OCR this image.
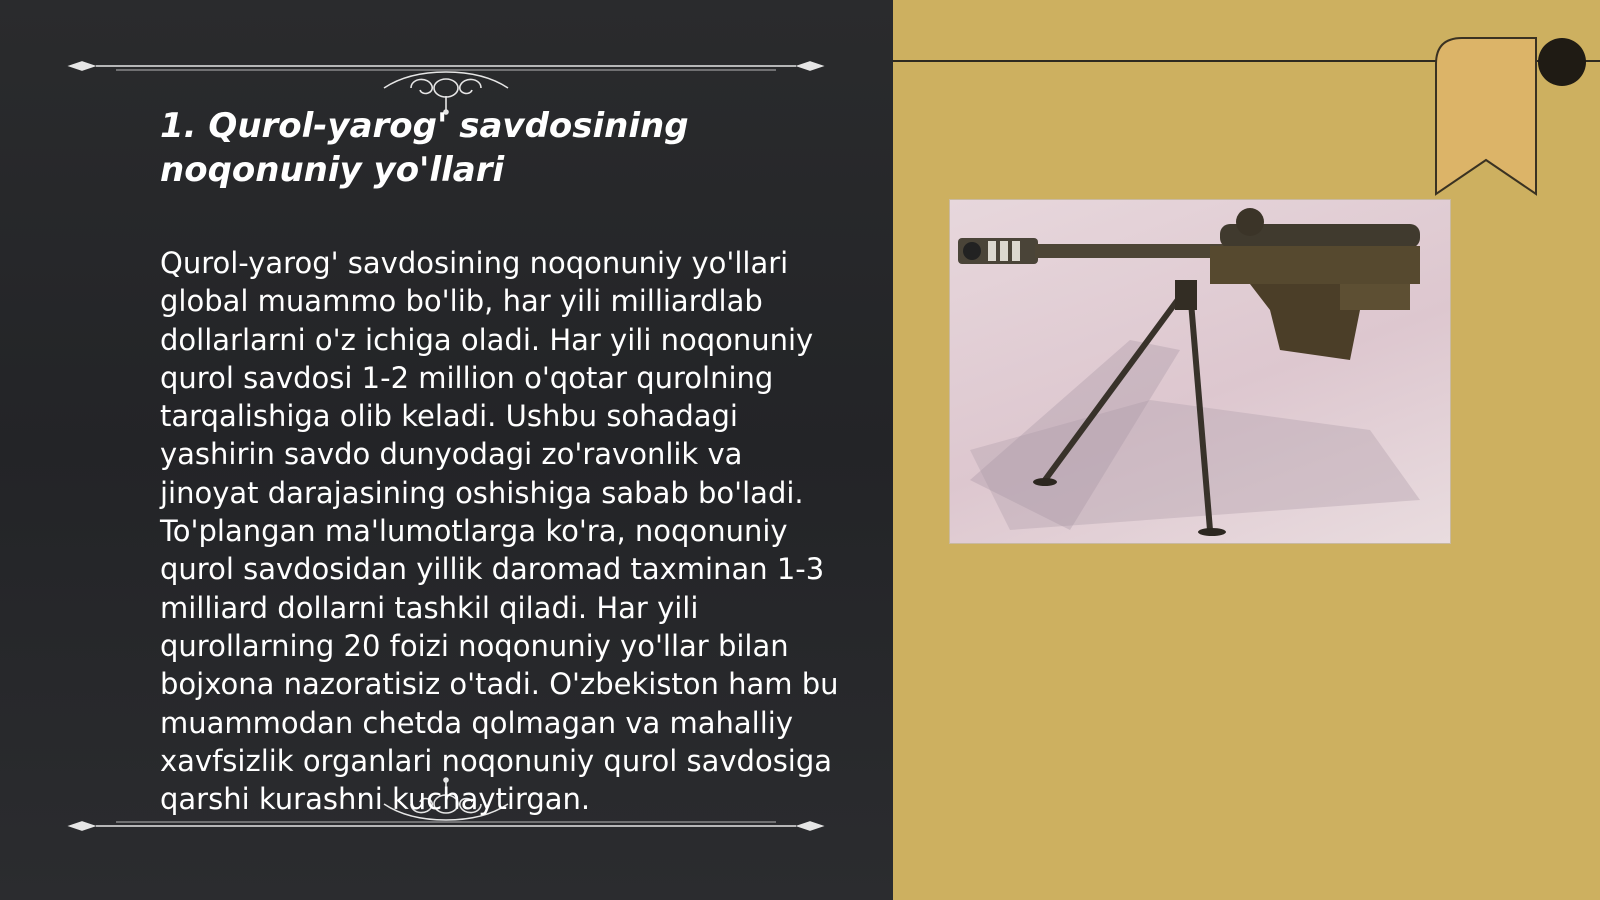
1. Qurol-yarog' savdosining noqonuniy yo'llari

Qurol-yarog' savdosining noqonuniy yo'llari global muammo bo'lib, har yili milliardlab dollarlarni o'z ichiga oladi. Har yili noqonuniy qurol savdosi 1-2 million o'qotar qurolning tarqalishiga olib keladi. Ushbu sohadagi yashirin savdo dunyodagi zo'ravonlik va jinoyat darajasining oshishiga sabab bo'ladi. To'plangan ma'lumotlarga ko'ra, noqonuniy qurol savdosidan yillik daromad taxminan 1-3 milliard dollarni tashkil qiladi. Har yili qurollarning 20 foizi noqonuniy yo'llar bilan bojxona nazoratisiz o'tadi. O'zbekiston ham bu muammodan chetda qolmagan va mahalliy xavfsizlik organlari noqonuniy qurol savdosiga qarshi kurashni kuchaytirgan.
